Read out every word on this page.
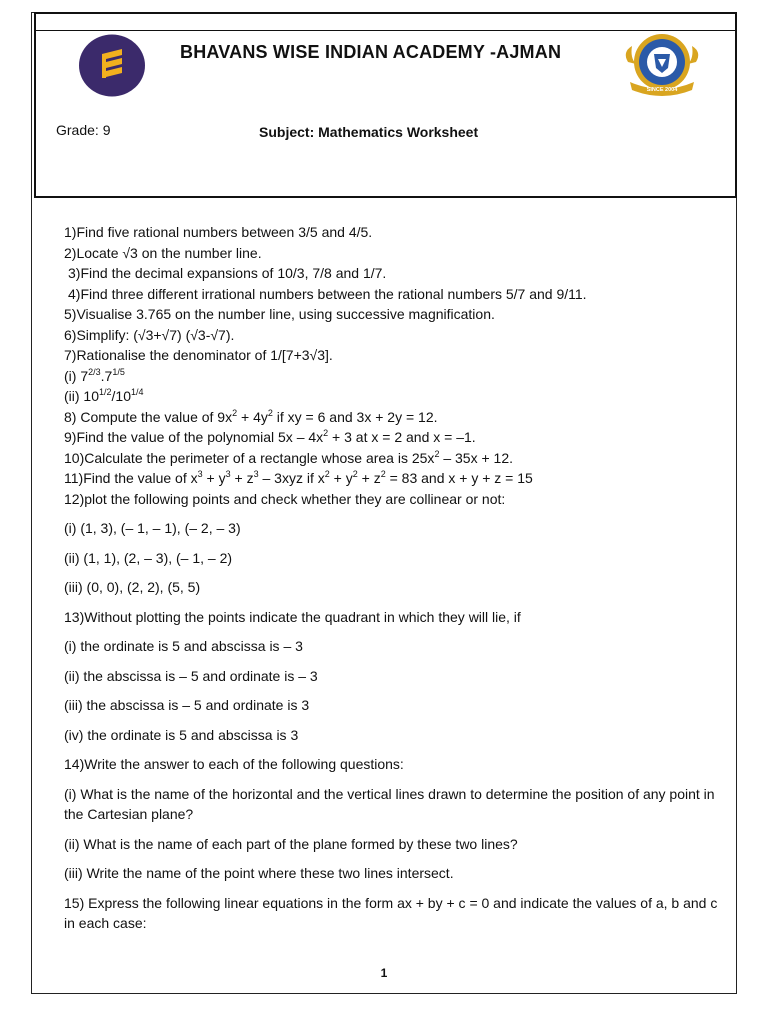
BHAVANS WISE INDIAN ACADEMY -AJMAN
SINCE 2004
Grade: 9	Subject: Mathematics Worksheet
1)Find five rational numbers between 3/5 and 4/5.
2)Locate √3 on the number line.
3)Find the decimal expansions of 10/3, 7/8 and 1/7.
4)Find three different irrational numbers between the rational numbers 5/7 and 9/11.
5)Visualise 3.765 on the number line, using successive magnification.
6)Simplify: (√3+√7) (√3-√7).
7)Rationalise the denominator of 1/[7+3√3].
(i) $7^{2/3}.7^{1/5}$
(ii) $10^{1/2}/10^{1/4}$
8) Compute the value of $9x^2 + 4y^2$ if xy = 6 and 3x + 2y = 12.
9)Find the value of the polynomial $5x - 4x^2 + 3$ at x = 2 and x = –1.
10)Calculate the perimeter of a rectangle whose area is $25x^2 - 35x + 12$.
11)Find the value of $x^3 + y^3 + z^3 - 3xyz$ if $x^2 + y^2 + z^2 = 83$ and x + y + z = 15
12)plot the following points and check whether they are collinear or not:
(i) (1, 3), (– 1, – 1), (– 2, – 3)
(ii) (1, 1), (2, – 3), (– 1, – 2)
(iii) (0, 0), (2, 2), (5, 5)
13)Without plotting the points indicate the quadrant in which they will lie, if
(i) the ordinate is 5 and abscissa is – 3
(ii) the abscissa is – 5 and ordinate is – 3
(iii) the abscissa is – 5 and ordinate is 3
(iv) the ordinate is 5 and abscissa is 3
14)Write the answer to each of the following questions:
(i) What is the name of the horizontal and the vertical lines drawn to determine the position of any point in the Cartesian plane?
(ii) What is the name of each part of the plane formed by these two lines?
(iii) Write the name of the point where these two lines intersect.
15) Express the following linear equations in the form ax + by + c = 0 and indicate the values of a, b and c in each case:
1
